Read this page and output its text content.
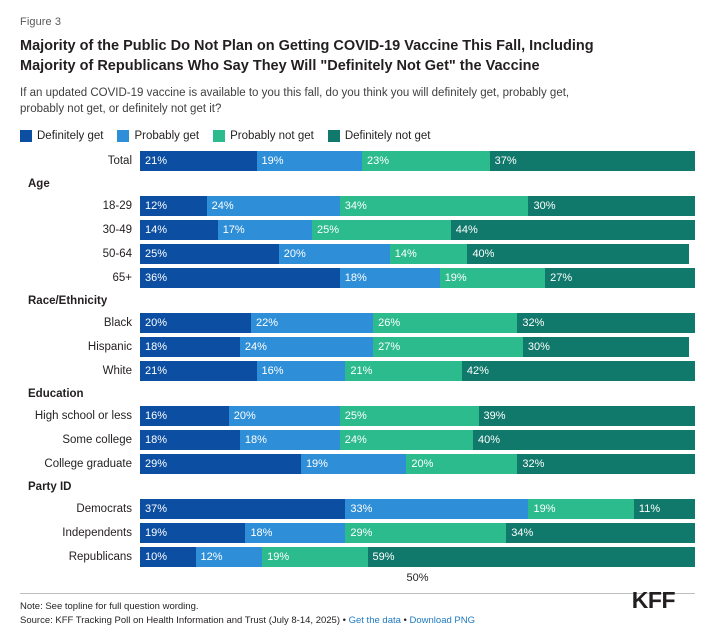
Figure 3
Majority of the Public Do Not Plan on Getting COVID-19 Vaccine This Fall, Including Majority of Republicans Who Say They Will "Definitely Not Get" the Vaccine
If an updated COVID-19 vaccine is available to you this fall, do you think you will definitely get, probably get, probably not get, or definitely not get it?
Definitely get	Probably get	Probably not get	Definitely not get
Total	21%	19%	23%	37%
Age
18-29	12%	24%	34%	30%
30-49	14%	17%	25%	44%
50-64	25%	20%	14%	40%
65+	36%	18%	19%	27%
Race/Ethnicity
Black	20%	22%	26%	32%
Hispanic	18%	24%	27%	30%
White	21%	16%	21%	42%
Education
High school or less	16%	20%	25%	39%
Some college	18%	18%	24%	40%
College graduate	29%	19%	20%	32%
Party ID
Democrats	37%	33%	19%	11%
Independents	19%	18%	29%	34%
Republicans	10%	12%	19%	59%
50%
Note: See topline for full question wording.
Source: KFF Tracking Poll on Health Information and Trust (July 8-14, 2025) • Get the data • Download PNG
KFF
